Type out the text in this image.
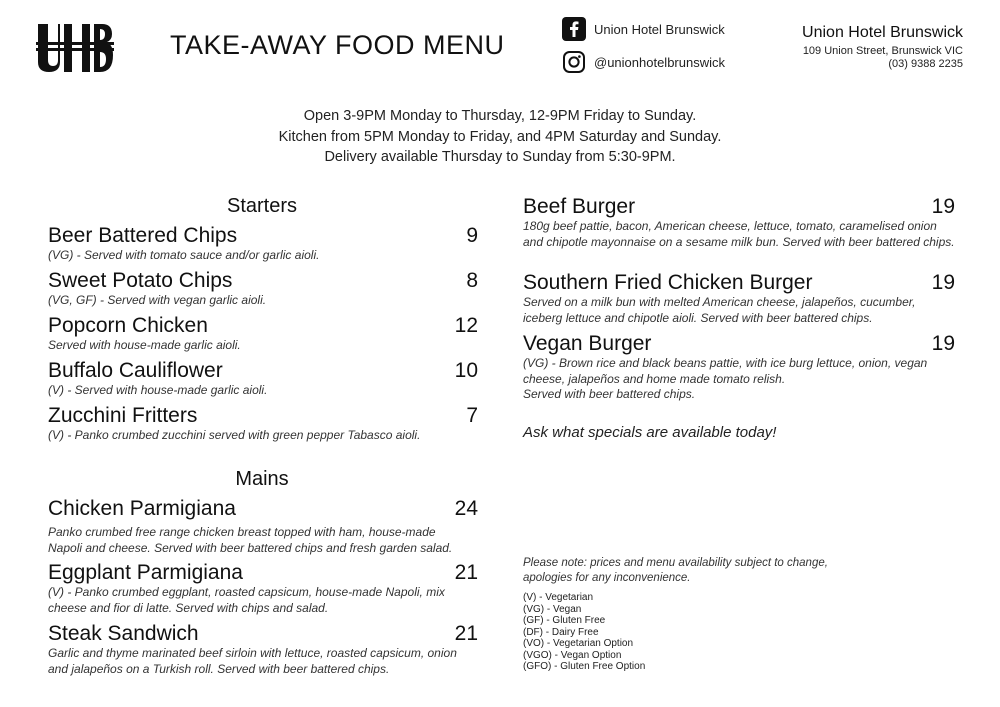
UHB
TAKE-AWAY FOOD MENU
Union Hotel Brunswick
@unionhotelbrunswick
Union Hotel Brunswick
109 Union Street, Brunswick VIC
(03) 9388 2235
Open 3-9PM Monday to Thursday, 12-9PM Friday to Sunday.
Kitchen from 5PM Monday to Friday, and 4PM Saturday and Sunday.
Delivery available Thursday to Sunday from 5:30-9PM.
Starters
Beer Battered Chips	9
(VG) - Served with tomato sauce and/or garlic aioli.
Sweet Potato Chips	8
(VG, GF) - Served with vegan garlic aioli.
Popcorn Chicken	12
Served with house-made garlic aioli.
Buffalo Cauliflower	10
(V) - Served with house-made garlic aioli.
Zucchini Fritters	7
(V) - Panko crumbed zucchini served with green pepper Tabasco aioli.
Mains
Chicken Parmigiana	24
Panko crumbed free range chicken breast topped with ham, house-made Napoli and cheese. Served with beer battered chips and fresh garden salad.
Eggplant Parmigiana	21
(V) - Panko crumbed eggplant, roasted capsicum, house-made Napoli, mix cheese and fior di latte. Served with chips and salad.
Steak Sandwich	21
Garlic and thyme marinated beef sirloin with lettuce, roasted capsicum, onion and jalapeños on a Turkish roll. Served with beer battered chips.
Beef Burger	19
180g beef pattie, bacon, American cheese, lettuce, tomato, caramelised onion and chipotle mayonnaise on a sesame milk bun. Served with beer battered chips.
Southern Fried Chicken Burger	19
Served on a milk bun with melted American cheese, jalapeños, cucumber, iceberg lettuce and chipotle aioli. Served with beer battered chips.
Vegan Burger	19
(VG) - Brown rice and black beans pattie, with ice burg lettuce, onion, vegan cheese, jalapeños and home made tomato relish.
Served with beer battered chips.
Ask what specials are available today!
Please note: prices and menu availability subject to change, apologies for any inconvenience.
(V) - Vegetarian
(VG) - Vegan
(GF) - Gluten Free
(DF) - Dairy Free
(VO) - Vegetarian Option
(VGO) - Vegan Option
(GFO) - Gluten Free Option
